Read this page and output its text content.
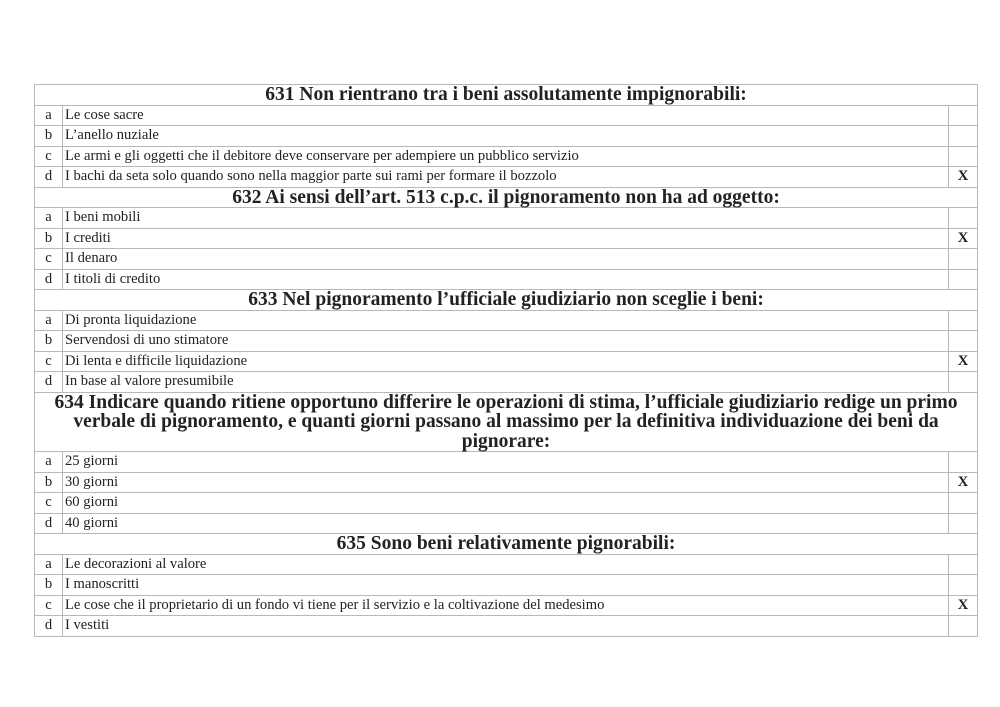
631 Non rientrano tra i beni assolutamente impignorabili:		
a	Le cose sacre	
b	L’anello nuziale	
c	Le armi e gli oggetti che il debitore deve conservare per adempiere un pubblico servizio	
d	I bachi da seta solo quando sono nella maggior parte sui rami per formare il bozzolo	X
632 Ai sensi dell’art. 513 c.p.c. il pignoramento non ha ad oggetto:		
a	I beni mobili	
b	I crediti	X
c	Il denaro	
d	I titoli di credito	
633 Nel pignoramento l’ufficiale giudiziario non sceglie i beni:		
a	Di pronta liquidazione	
b	Servendosi di uno stimatore	
c	Di lenta e difficile liquidazione	X
d	In base al valore presumibile	
634 Indicare quando ritiene opportuno differire le operazioni di stima, l’ufficiale giudiziario redige un primo verbale di pignoramento, e quanti giorni passano al massimo per la definitiva individuazione dei beni da pignorare:		
a	25 giorni	
b	30 giorni	X
c	60 giorni	
d	40 giorni	
635 Sono beni relativamente pignorabili:		
a	Le decorazioni al valore	
b	I manoscritti	
c	Le cose che il proprietario di un fondo vi tiene per il servizio e la coltivazione del medesimo	X
d	I vestiti	
